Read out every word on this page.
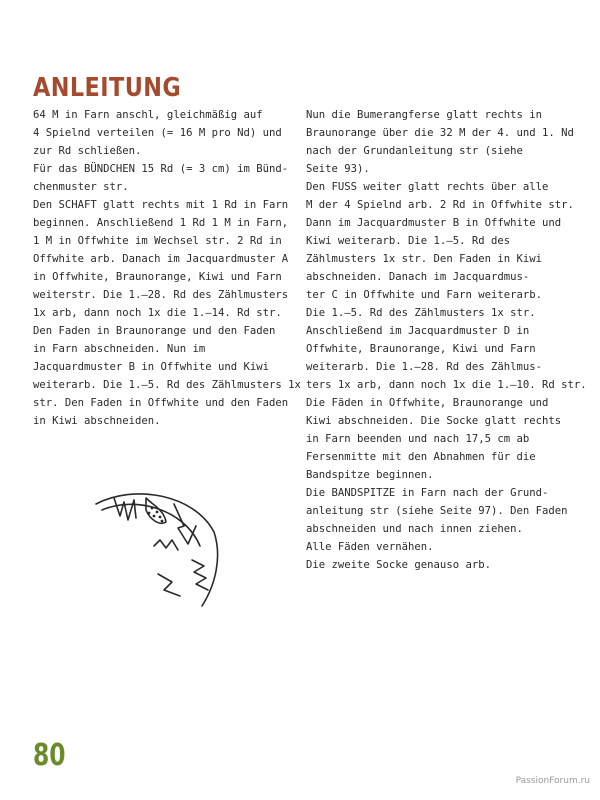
ANLEITUNG

64 M in Farn anschl, gleichmäßig auf

4 Spielnd verteilen (= 16 M pro Nd) und

zur Rd schließen.

Für das BÜNDCHEN 15 Rd (= 3 cm) im Bünd-

chenmuster str.

Den SCHAFT glatt rechts mit 1 Rd in Farn

beginnen. Anschließend 1 Rd 1 M in Farn,

1 M in Offwhite im Wechsel str. 2 Rd in

Offwhite arb. Danach im Jacquardmuster A

in Offwhite, Braunorange, Kiwi und Farn

weiterstr. Die 1.–28. Rd des Zählmusters

1x arb, dann noch 1x die 1.–14. Rd str.

Den Faden in Braunorange und den Faden

in Farn abschneiden. Nun im

Jacquardmuster B in Offwhite und Kiwi

weiterarb. Die 1.–5. Rd des Zählmusters 1x

str. Den Faden in Offwhite und den Faden

in Kiwi abschneiden.

Nun die Bumerangferse glatt rechts in

Braunorange über die 32 M der 4. und 1. Nd

nach der Grundanleitung str (siehe

Seite 93).

Den FUSS weiter glatt rechts über alle

M der 4 Spielnd arb. 2 Rd in Offwhite str.

Dann im Jacquardmuster B in Offwhite und

Kiwi weiterarb. Die 1.–5. Rd des

Zählmusters 1x str. Den Faden in Kiwi

abschneiden. Danach im Jacquardmus-

ter C in Offwhite und Farn weiterarb.

Die 1.–5. Rd des Zählmusters 1x str.

Anschließend im Jacquardmuster D in

Offwhite, Braunorange, Kiwi und Farn

weiterarb. Die 1.–28. Rd des Zählmus-

ters 1x arb, dann noch 1x die 1.–10. Rd str.

Die Fäden in Offwhite, Braunorange und

Kiwi abschneiden. Die Socke glatt rechts

in Farn beenden und nach 17,5 cm ab

Fersenmitte mit den Abnahmen für die

Bandspitze beginnen.

Die BANDSPITZE in Farn nach der Grund-

anleitung str (siehe Seite 97). Den Faden

abschneiden und nach innen ziehen.

Alle Fäden vernähen.

Die zweite Socke genauso arb.

80
PassionForum.ru
